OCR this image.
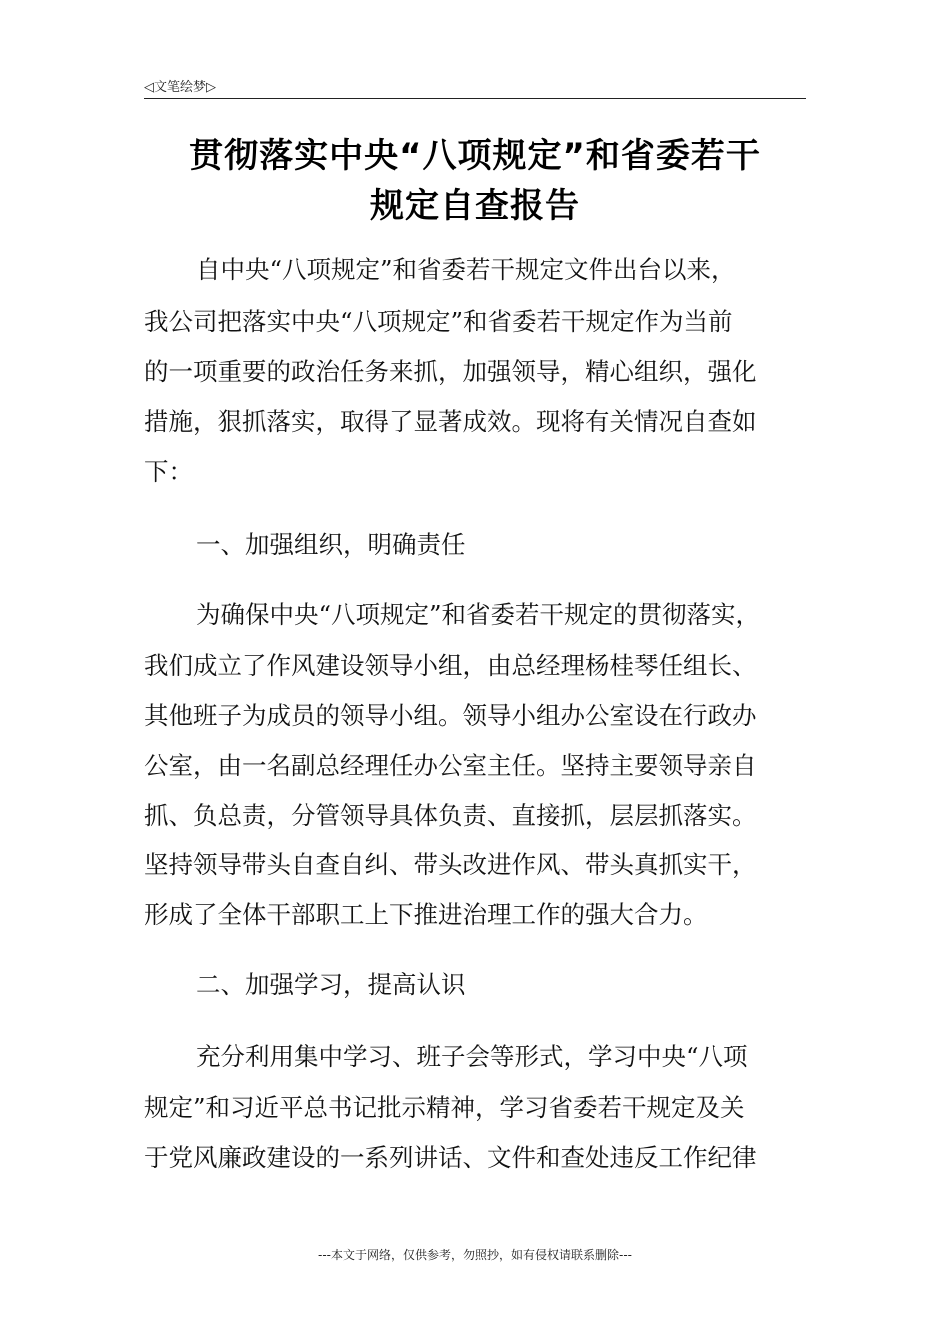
◁文笔绘梦▷
贯彻落实中央“八项规定”和省委若干
规定自查报告

自中央“八项规定”和省委若干规定文件出台以来，

我公司把落实中央“八项规定”和省委若干规定作为当前

的一项重要的政治任务来抓，加强领导，精心组织，强化

措施，狠抓落实，取得了显著成效。现将有关情况自查如

下：

一、加强组织，明确责任

为确保中央“八项规定”和省委若干规定的贯彻落实，

我们成立了作风建设领导小组，由总经理杨桂琴任组长、

其他班子为成员的领导小组。领导小组办公室设在行政办

公室，由一名副总经理任办公室主任。坚持主要领导亲自

抓、负总责，分管领导具体负责、直接抓，层层抓落实。

坚持领导带头自查自纠、带头改进作风、带头真抓实干，

形成了全体干部职工上下推进治理工作的强大合力。

二、加强学习，提高认识

充分利用集中学习、班子会等形式，学习中央“八项

规定”和习近平总书记批示精神，学习省委若干规定及关

于党风廉政建设的一系列讲话、文件和查处违反工作纪律

---本文于网络，仅供参考，勿照抄，如有侵权请联系删除---
